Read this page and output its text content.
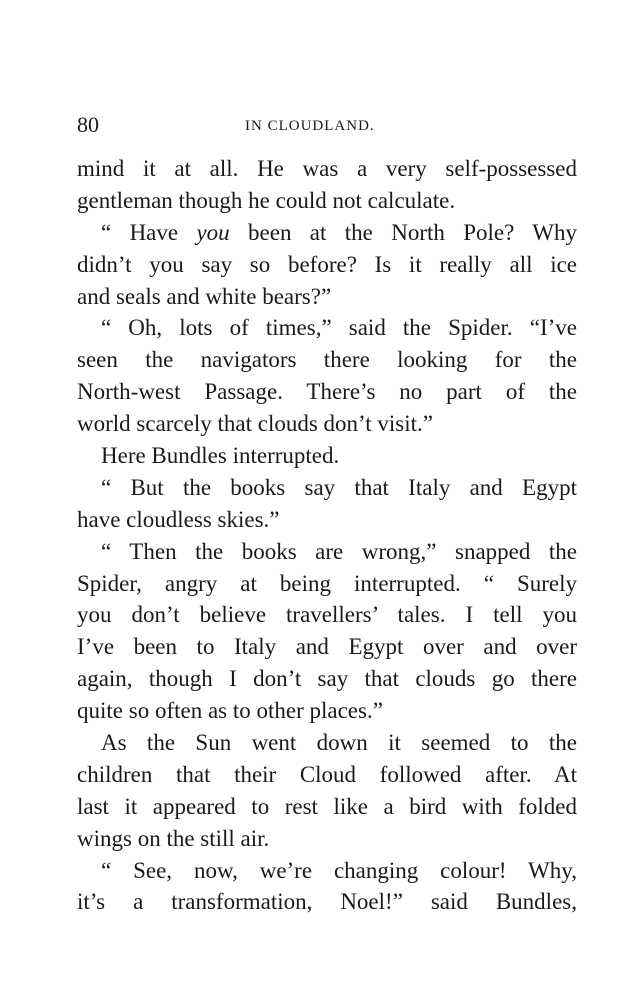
80	IN CLOUDLAND.
mind it at all. He was a very self-possessed
gentleman though he could not calculate.
“ Have you been at the North Pole? Why
didn’t you say so before? Is it really all ice
and seals and white bears?”
“ Oh, lots of times,” said the Spider. “I’ve
seen the navigators there looking for the
North-west Passage. There’s no part of the
world scarcely that clouds don’t visit.”
Here Bundles interrupted.
“ But the books say that Italy and Egypt
have cloudless skies.”
“ Then the books are wrong,” snapped the
Spider, angry at being interrupted. “ Surely
you don’t believe travellers’ tales. I tell you
I’ve been to Italy and Egypt over and over
again, though I don’t say that clouds go there
quite so often as to other places.”
As the Sun went down it seemed to the
children that their Cloud followed after. At
last it appeared to rest like a bird with folded
wings on the still air.
“ See, now, we’re changing colour! Why,
it’s a transformation, Noel!” said Bundles,
